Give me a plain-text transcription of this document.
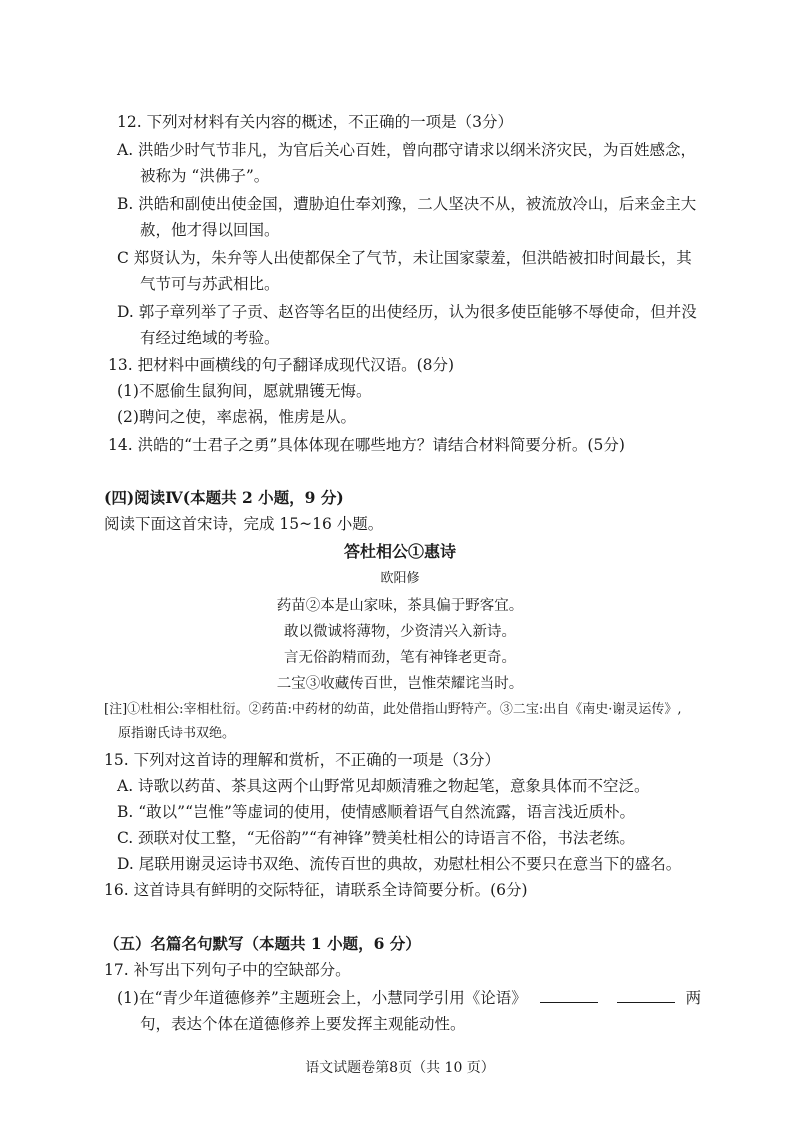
12. 下列对材料有关内容的概述，不正确的一项是（3分）
A. 洪皓少时气节非凡，为官后关心百姓，曾向郡守请求以纲米济灾民，为百姓感念，
被称为 “洪佛子”。
B. 洪皓和副使出使金国，遭胁迫仕奉刘豫，二人坚决不从，被流放冷山，后来金主大
赦，他才得以回国。
C 郑贤认为，朱弁等人出使都保全了气节，未让国家蒙羞，但洪皓被扣时间最长，其
气节可与苏武相比。
D. 郭子章列举了子贡、赵咨等名臣的出使经历，认为很多使臣能够不辱使命，但并没
有经过绝域的考验。
13. 把材料中画横线的句子翻译成现代汉语。(8分)
(1)不愿偷生鼠狗间，愿就鼎镬无悔。
(2)聘问之使，率虑祸，惟虏是从。
14. 洪皓的“士君子之勇”具体体现在哪些地方？请结合材料简要分析。(5分)
(四)阅读Ⅳ(本题共 2 小题，9 分)
阅读下面这首宋诗，完成 15~16 小题。
答杜相公①惠诗
欧阳修
药苗②本是山家味，茶具偏于野客宜。
敢以微诚将薄物，少资清兴入新诗。
言无俗韵精而劲，笔有神锋老更奇。
二宝③收藏传百世，岂惟荣耀诧当时。
[注]①杜相公:宰相杜衍。②药苗:中药材的幼苗，此处借指山野特产。③二宝:出自《南史·谢灵运传》,
原指谢氏诗书双绝。
15. 下列对这首诗的理解和赏析，不正确的一项是（3分）
A. 诗歌以药苗、茶具这两个山野常见却颇清雅之物起笔，意象具体而不空泛。
B. “敢以”“岂惟”等虚词的使用，使情感顺着语气自然流露，语言浅近质朴。
C. 颈联对仗工整，“无俗韵”“有神锋”赞美杜相公的诗语言不俗，书法老练。
D. 尾联用谢灵运诗书双绝、流传百世的典故，劝慰杜相公不要只在意当下的盛名。
16. 这首诗具有鲜明的交际特征，请联系全诗简要分析。(6分)
（五）名篇名句默写（本题共 1 小题，6 分）
17. 补写出下列句子中的空缺部分。
(1)在“青少年道德修养”主题班会上，小慧同学引用《论语》	两
句，表达个体在道德修养上要发挥主观能动性。
语文试题卷第8页（共 10 页）
